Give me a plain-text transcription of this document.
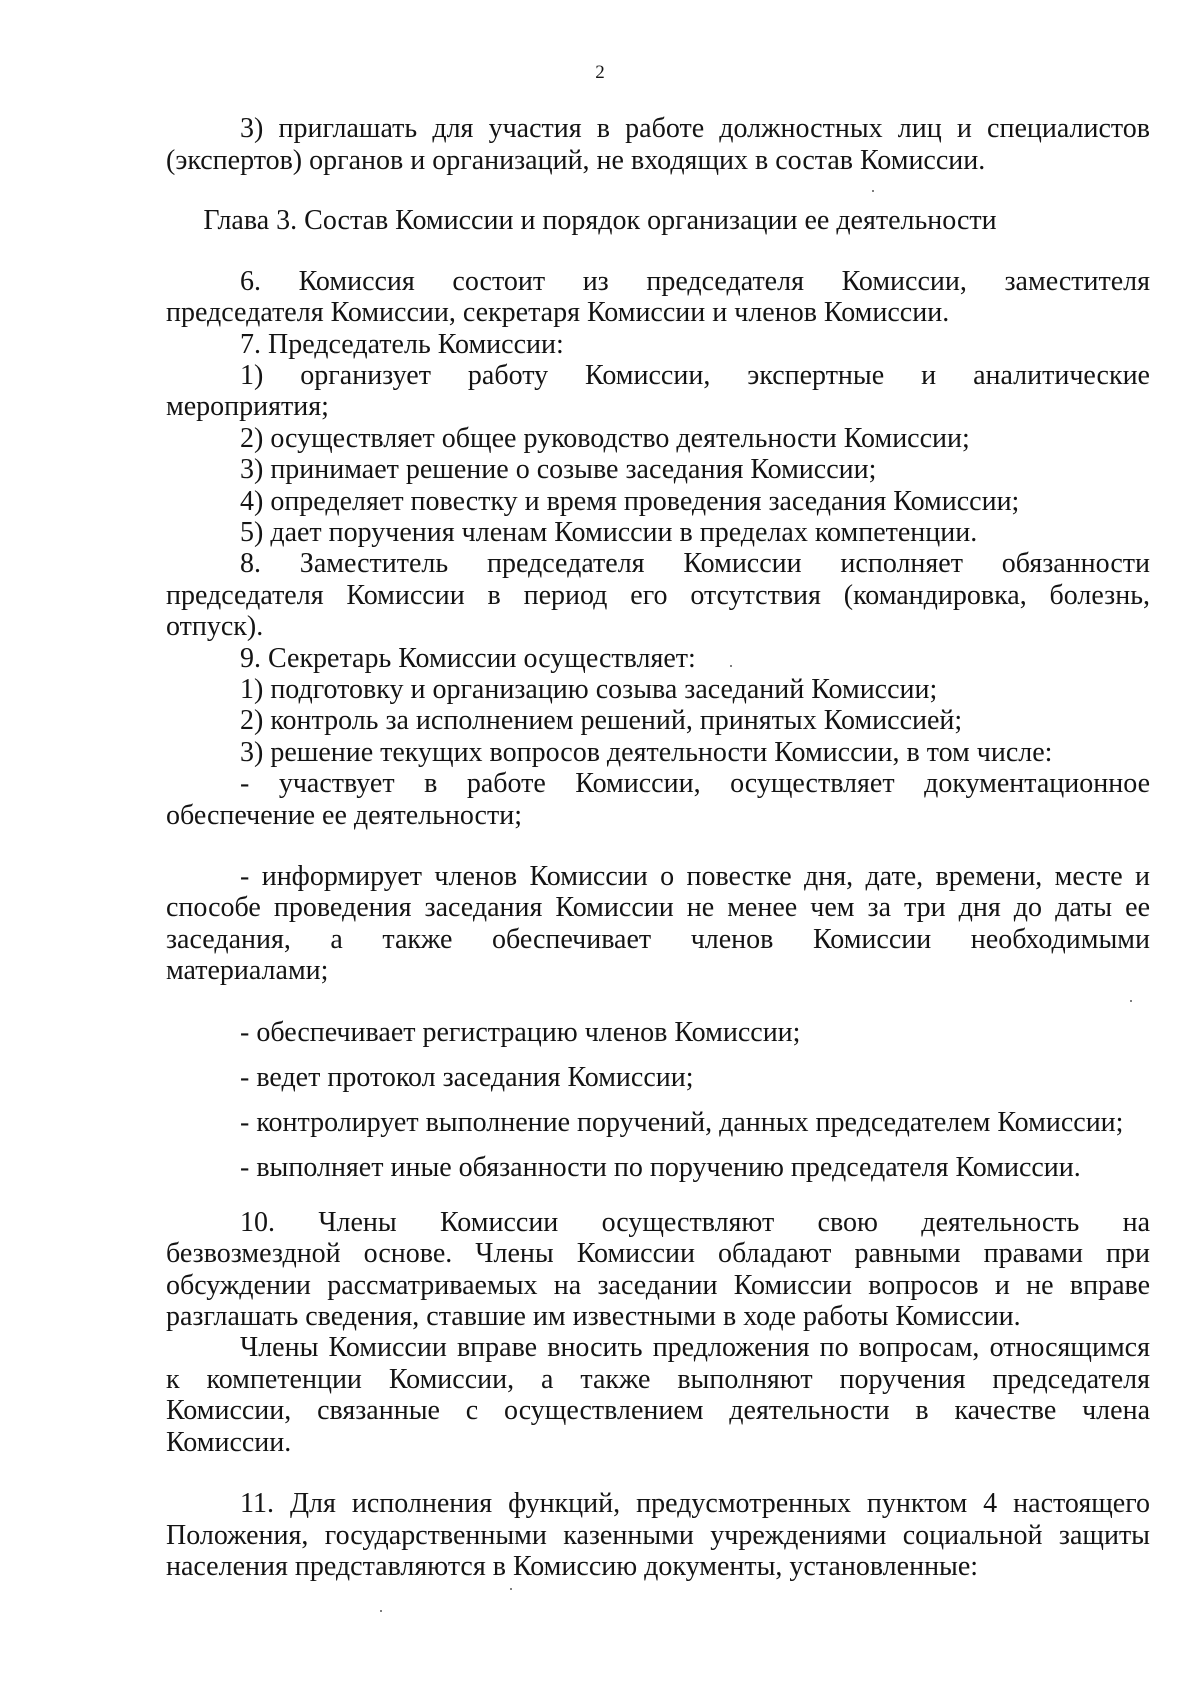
2
3) приглашать для участия в работе должностных лиц и специалистов
(экспертов) органов и организаций, не входящих в состав Комиссии.
Глава 3. Состав Комиссии и порядок организации ее деятельности
6. Комиссия состоит из председателя Комиссии, заместителя
председателя Комиссии, секретаря Комиссии и членов Комиссии.
7. Председатель Комиссии:
1) организует работу Комиссии, экспертные и аналитические
мероприятия;
2) осуществляет общее руководство деятельности Комиссии;
3) принимает решение о созыве заседания Комиссии;
4) определяет повестку и время проведения заседания Комиссии;
5) дает поручения членам Комиссии в пределах компетенции.
8. Заместитель председателя Комиссии исполняет обязанности
председателя Комиссии в период его отсутствия (командировка, болезнь,
отпуск).
9. Секретарь Комиссии осуществляет:
1) подготовку и организацию созыва заседаний Комиссии;
2) контроль за исполнением решений, принятых Комиссией;
3) решение текущих вопросов деятельности Комиссии, в том числе:
- участвует в работе Комиссии, осуществляет документационное
обеспечение ее деятельности;
- информирует членов Комиссии о повестке дня, дате, времени, месте и
способе проведения заседания Комиссии не менее чем за три дня до даты ее
заседания, а также обеспечивает членов Комиссии необходимыми
материалами;
- обеспечивает регистрацию членов Комиссии;
- ведет протокол заседания Комиссии;
- контролирует выполнение поручений, данных председателем Комиссии;
- выполняет иные обязанности по поручению председателя Комиссии.
10. Члены Комиссии осуществляют свою деятельность на
безвозмездной основе. Члены Комиссии обладают равными правами при
обсуждении рассматриваемых на заседании Комиссии вопросов и не вправе
разглашать сведения, ставшие им известными в ходе работы Комиссии.
Члены Комиссии вправе вносить предложения по вопросам, относящимся
к компетенции Комиссии, а также выполняют поручения председателя
Комиссии, связанные с осуществлением деятельности в качестве члена
Комиссии.
11. Для исполнения функций, предусмотренных пунктом 4 настоящего
Положения, государственными казенными учреждениями социальной защиты
населения представляются в Комиссию документы, установленные:
